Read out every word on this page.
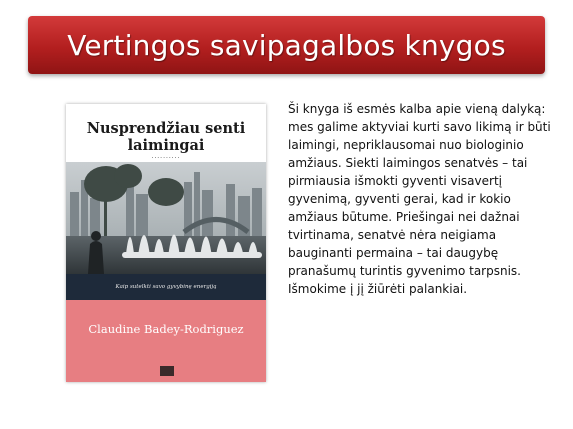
Vertingos savipagalbos knygos
Nusprendžiau senti laimingai
..........
Kaip sutelkti savo gyvybinę energiją
Claudine Badey-Rodriguez
Ši knyga iš esmės kalba apie vieną dalyką: mes galime aktyviai kurti savo likimą ir būti laimingi, nepriklausomai nuo biologinio amžiaus. Siekti laimingos senatvės – tai pirmiausia išmokti gyventi visavertį gyvenimą, gyventi gerai, kad ir kokio amžiaus būtume. Priešingai nei dažnai tvirtinama, senatvė nėra neigiama bauginanti permaina – tai daugybę pranašumų turintis gyvenimo tarpsnis. Išmokime į jį žiūrėti palankiai.
